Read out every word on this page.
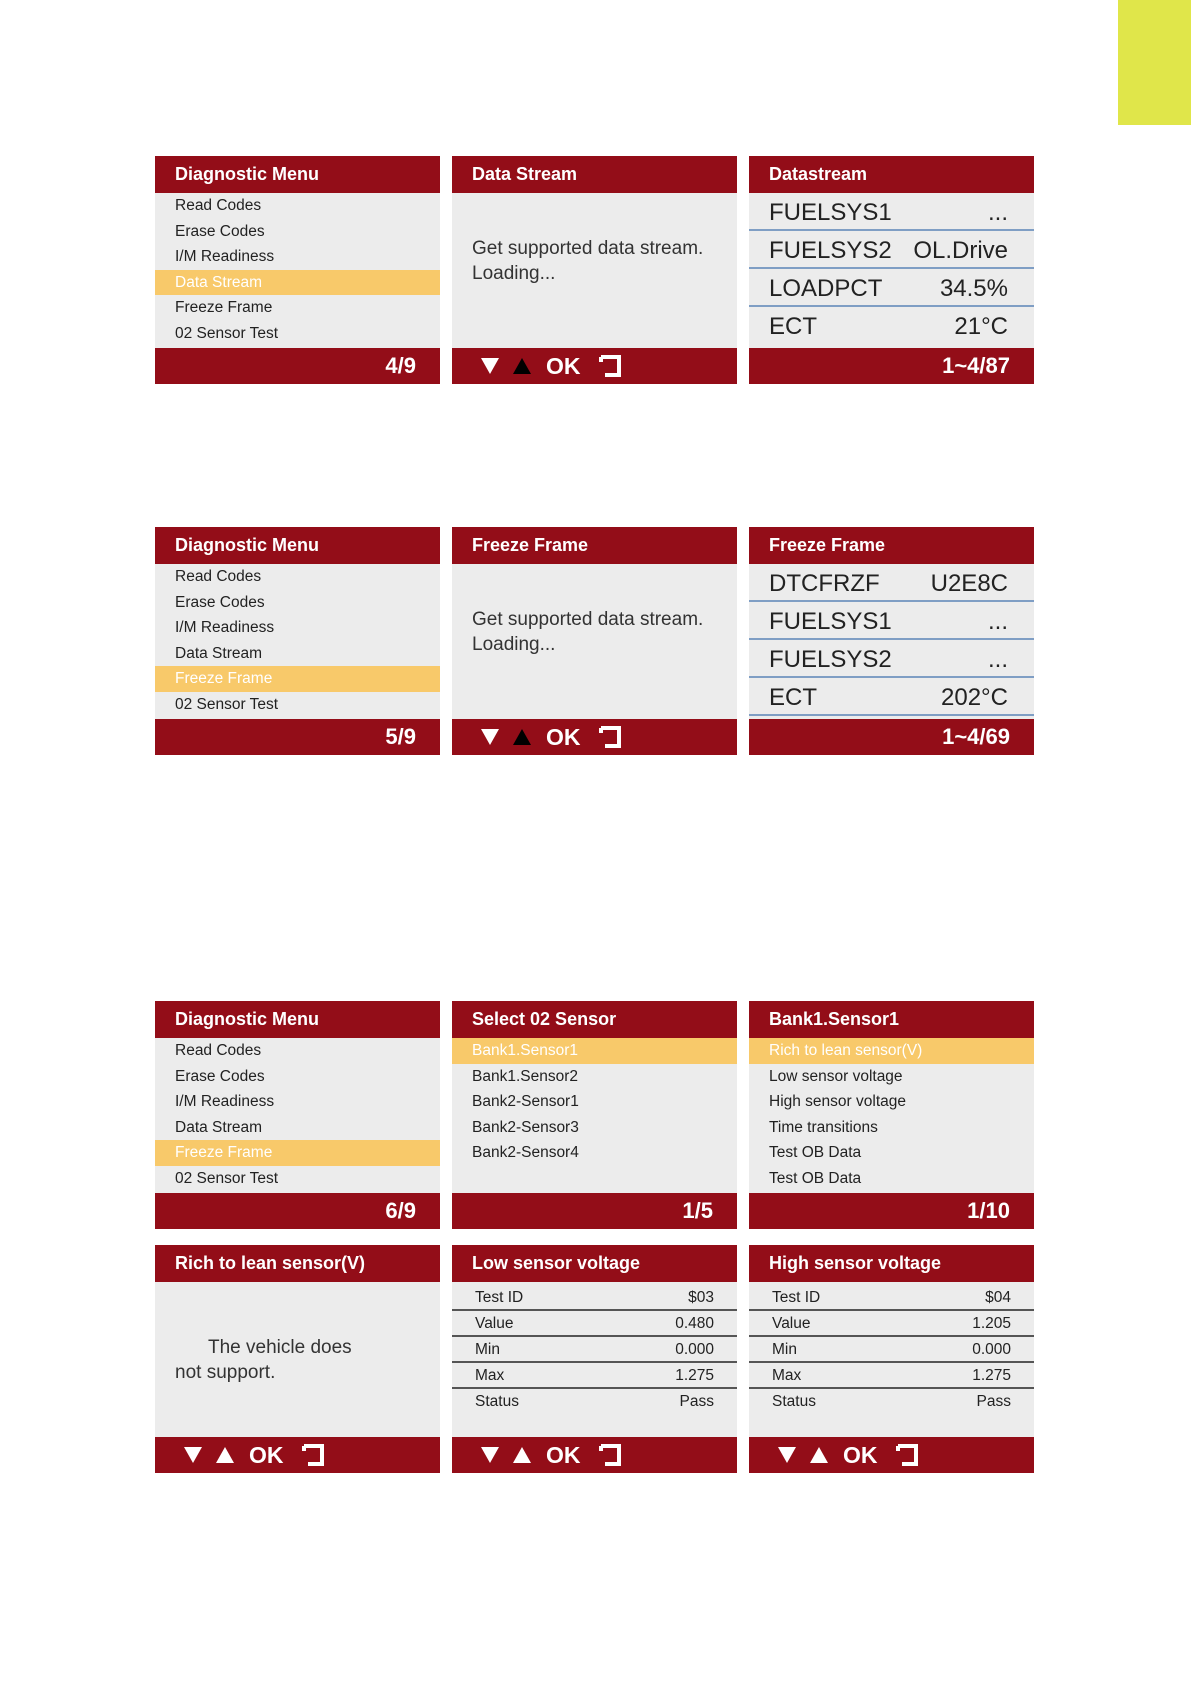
Diagnostic Menu
Read Codes
Erase Codes
I/M Readiness
Data Stream
Freeze Frame
02 Sensor Test
4/9
Data Stream
Get supported data stream. Loading...
OK
Datastream
FUELSYS1	...
FUELSYS2 OL.Drive
LOADPCT 34.5%
ECT	21°C
1~4/87
Diagnostic Menu
Read Codes
Erase Codes
I/M Readiness
Data Stream
Freeze Frame
02 Sensor Test
5/9
Freeze Frame
Get supported data stream. Loading...
OK
Freeze Frame
DTCFRZF U2E8C
FUELSYS1	...
FUELSYS2	...
ECT	202°C
1~4/69
Diagnostic Menu
Read Codes
Erase Codes
I/M Readiness
Data Stream
Freeze Frame
02 Sensor Test
6/9
Select 02 Sensor
Bank1.Sensor1
Bank1.Sensor2
Bank2-Sensor1
Bank2-Sensor3
Bank2-Sensor4
1/5
Bank1.Sensor1
Rich to lean sensor(V)
Low sensor voltage
High sensor voltage
Time transitions
Test OB Data
Test OB Data
1/10
Rich to lean sensor(V)
The vehicle does
not support.
OK
Low sensor voltage
Test ID	$03
Value	0.480
Min	0.000
Max	1.275
Status	Pass
OK
High sensor voltage
Test ID	$04
Value	1.205
Min	0.000
Max	1.275
Status	Pass
OK
